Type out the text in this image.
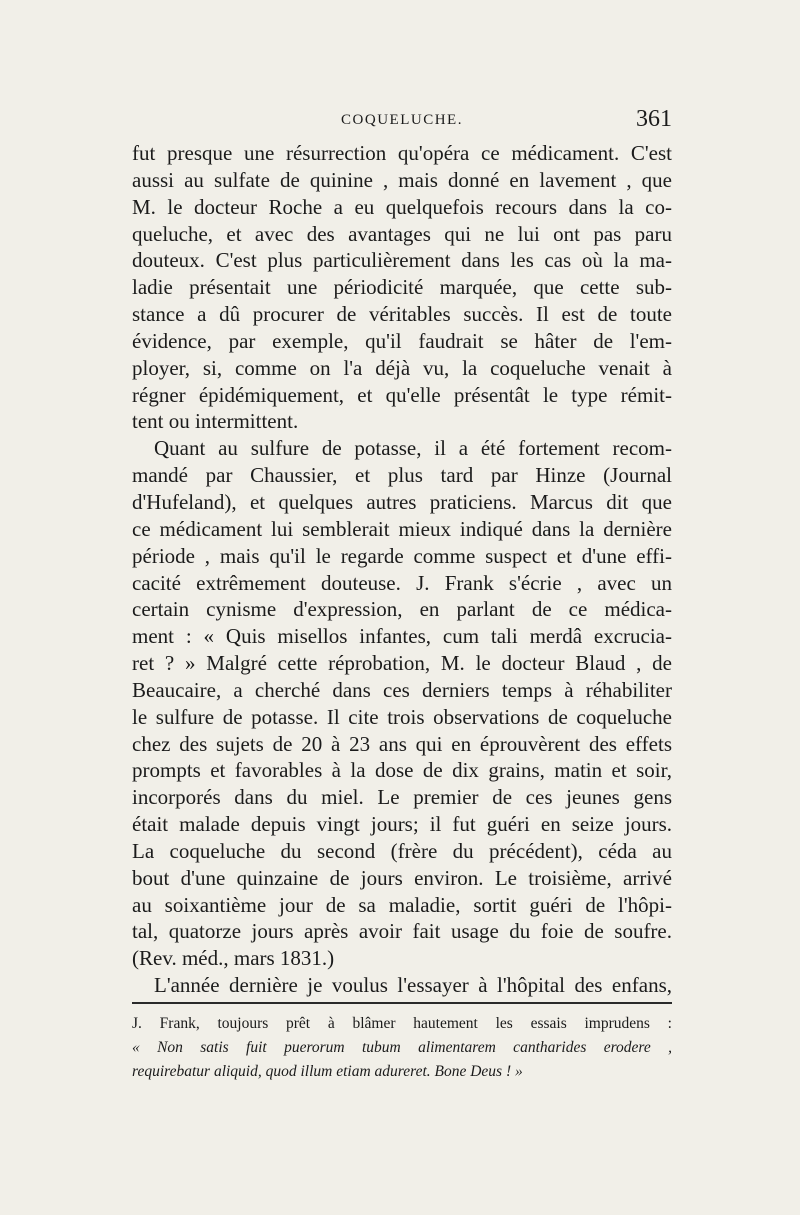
COQUELUCHE.	361

fut presque une résurrection qu'opéra ce médicament. C'est
aussi au sulfate de quinine , mais donné en lavement , que
M. le docteur Roche a eu quelquefois recours dans la co-
queluche, et avec des avantages qui ne lui ont pas paru
douteux. C'est plus particulièrement dans les cas où la ma-
ladie présentait une périodicité marquée, que cette sub-
stance a dû procurer de véritables succès. Il est de toute
évidence, par exemple, qu'il faudrait se hâter de l'em-
ployer, si, comme on l'a déjà vu, la coqueluche venait à
régner épidémiquement, et qu'elle présentât le type rémit-
tent ou intermittent.

Quant au sulfure de potasse, il a été fortement recom-
mandé par Chaussier, et plus tard par Hinze (Journal
d'Hufeland), et quelques autres praticiens. Marcus dit que
ce médicament lui semblerait mieux indiqué dans la dernière
période , mais qu'il le regarde comme suspect et d'une effi-
cacité extrêmement douteuse. J. Frank s'écrie , avec un
certain cynisme d'expression, en parlant de ce médica-
ment : « Quis misellos infantes, cum tali merdâ excrucia-
ret ? » Malgré cette réprobation, M. le docteur Blaud , de
Beaucaire, a cherché dans ces derniers temps à réhabiliter
le sulfure de potasse. Il cite trois observations de coqueluche
chez des sujets de 20 à 23 ans qui en éprouvèrent des effets
prompts et favorables à la dose de dix grains, matin et soir,
incorporés dans du miel. Le premier de ces jeunes gens
était malade depuis vingt jours; il fut guéri en seize jours.
La coqueluche du second (frère du précédent), céda au
bout d'une quinzaine de jours environ. Le troisième, arrivé
au soixantième jour de sa maladie, sortit guéri de l'hôpi-
tal, quatorze jours après avoir fait usage du foie de soufre.
(Rev. méd., mars 1831.)

L'année dernière je voulus l'essayer à l'hôpital des enfans,

J. Frank, toujours prêt à blâmer hautement les essais imprudens :
« Non satis fuit puerorum tubum alimentarem cantharides erodere ,
requirebatur aliquid, quod illum etiam adureret. Bone Deus ! »
